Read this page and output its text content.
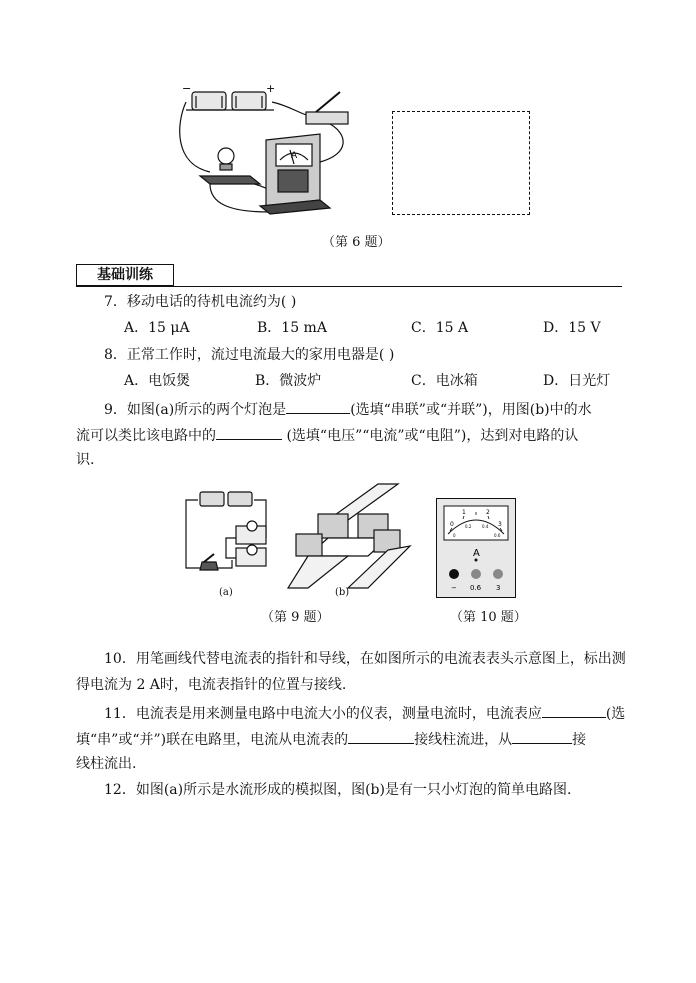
−	+
A
（第 6 题）
基础训练
7．移动电话的待机电流约为( )
A．15 μA	B．15 mA	C．15 A	D．15 V
8．正常工作时，流过电流最大的家用电器是( )
A．电饭煲	B．微波炉	C．电冰箱	D．日光灯
9．如图(a)所示的两个灯泡是	(选填“串联”或“并联”)，用图(b)中的水
流可以类比该电路中的	(选填“电压”“电流”或“电阻”)，达到对电路的认
识.
(a)	(b)
（第 9 题）
0
1	2
3
0
0.2	0.4
0.6
A
− 0.6 3
（第 10 题）
10．用笔画线代替电流表的指针和导线，在如图所示的电流表表头示意图上，标出测
得电流为 2 A时，电流表指针的位置与接线.
11．电流表是用来测量电路中电流大小的仪表，测量电流时，电流表应	(选
填“串”或“并”)联在电路里，电流从电流表的	接线柱流进，从	接
线柱流出.
12．如图(a)所示是水流形成的模拟图，图(b)是有一只小灯泡的简单电路图.
